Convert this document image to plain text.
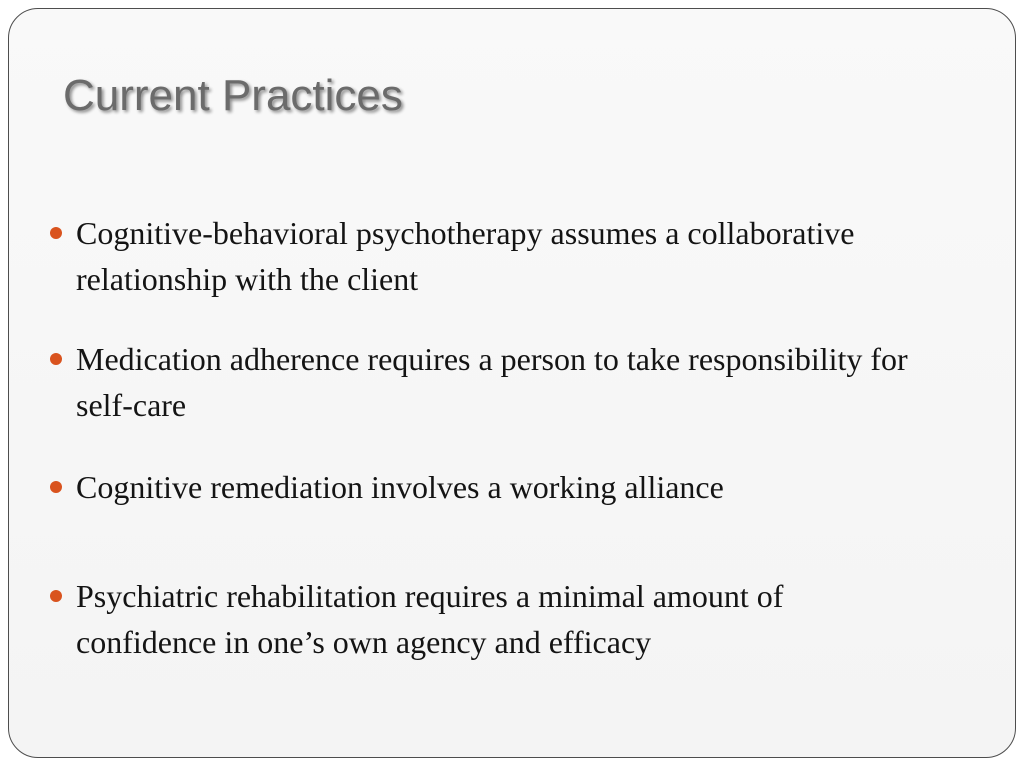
Current Practices
Cognitive-behavioral psychotherapy assumes a collaborative relationship with the client
Medication adherence requires a person to take responsibility for self-care
Cognitive remediation involves a working alliance
Psychiatric rehabilitation requires a minimal amount of confidence in one’s own agency and efficacy
